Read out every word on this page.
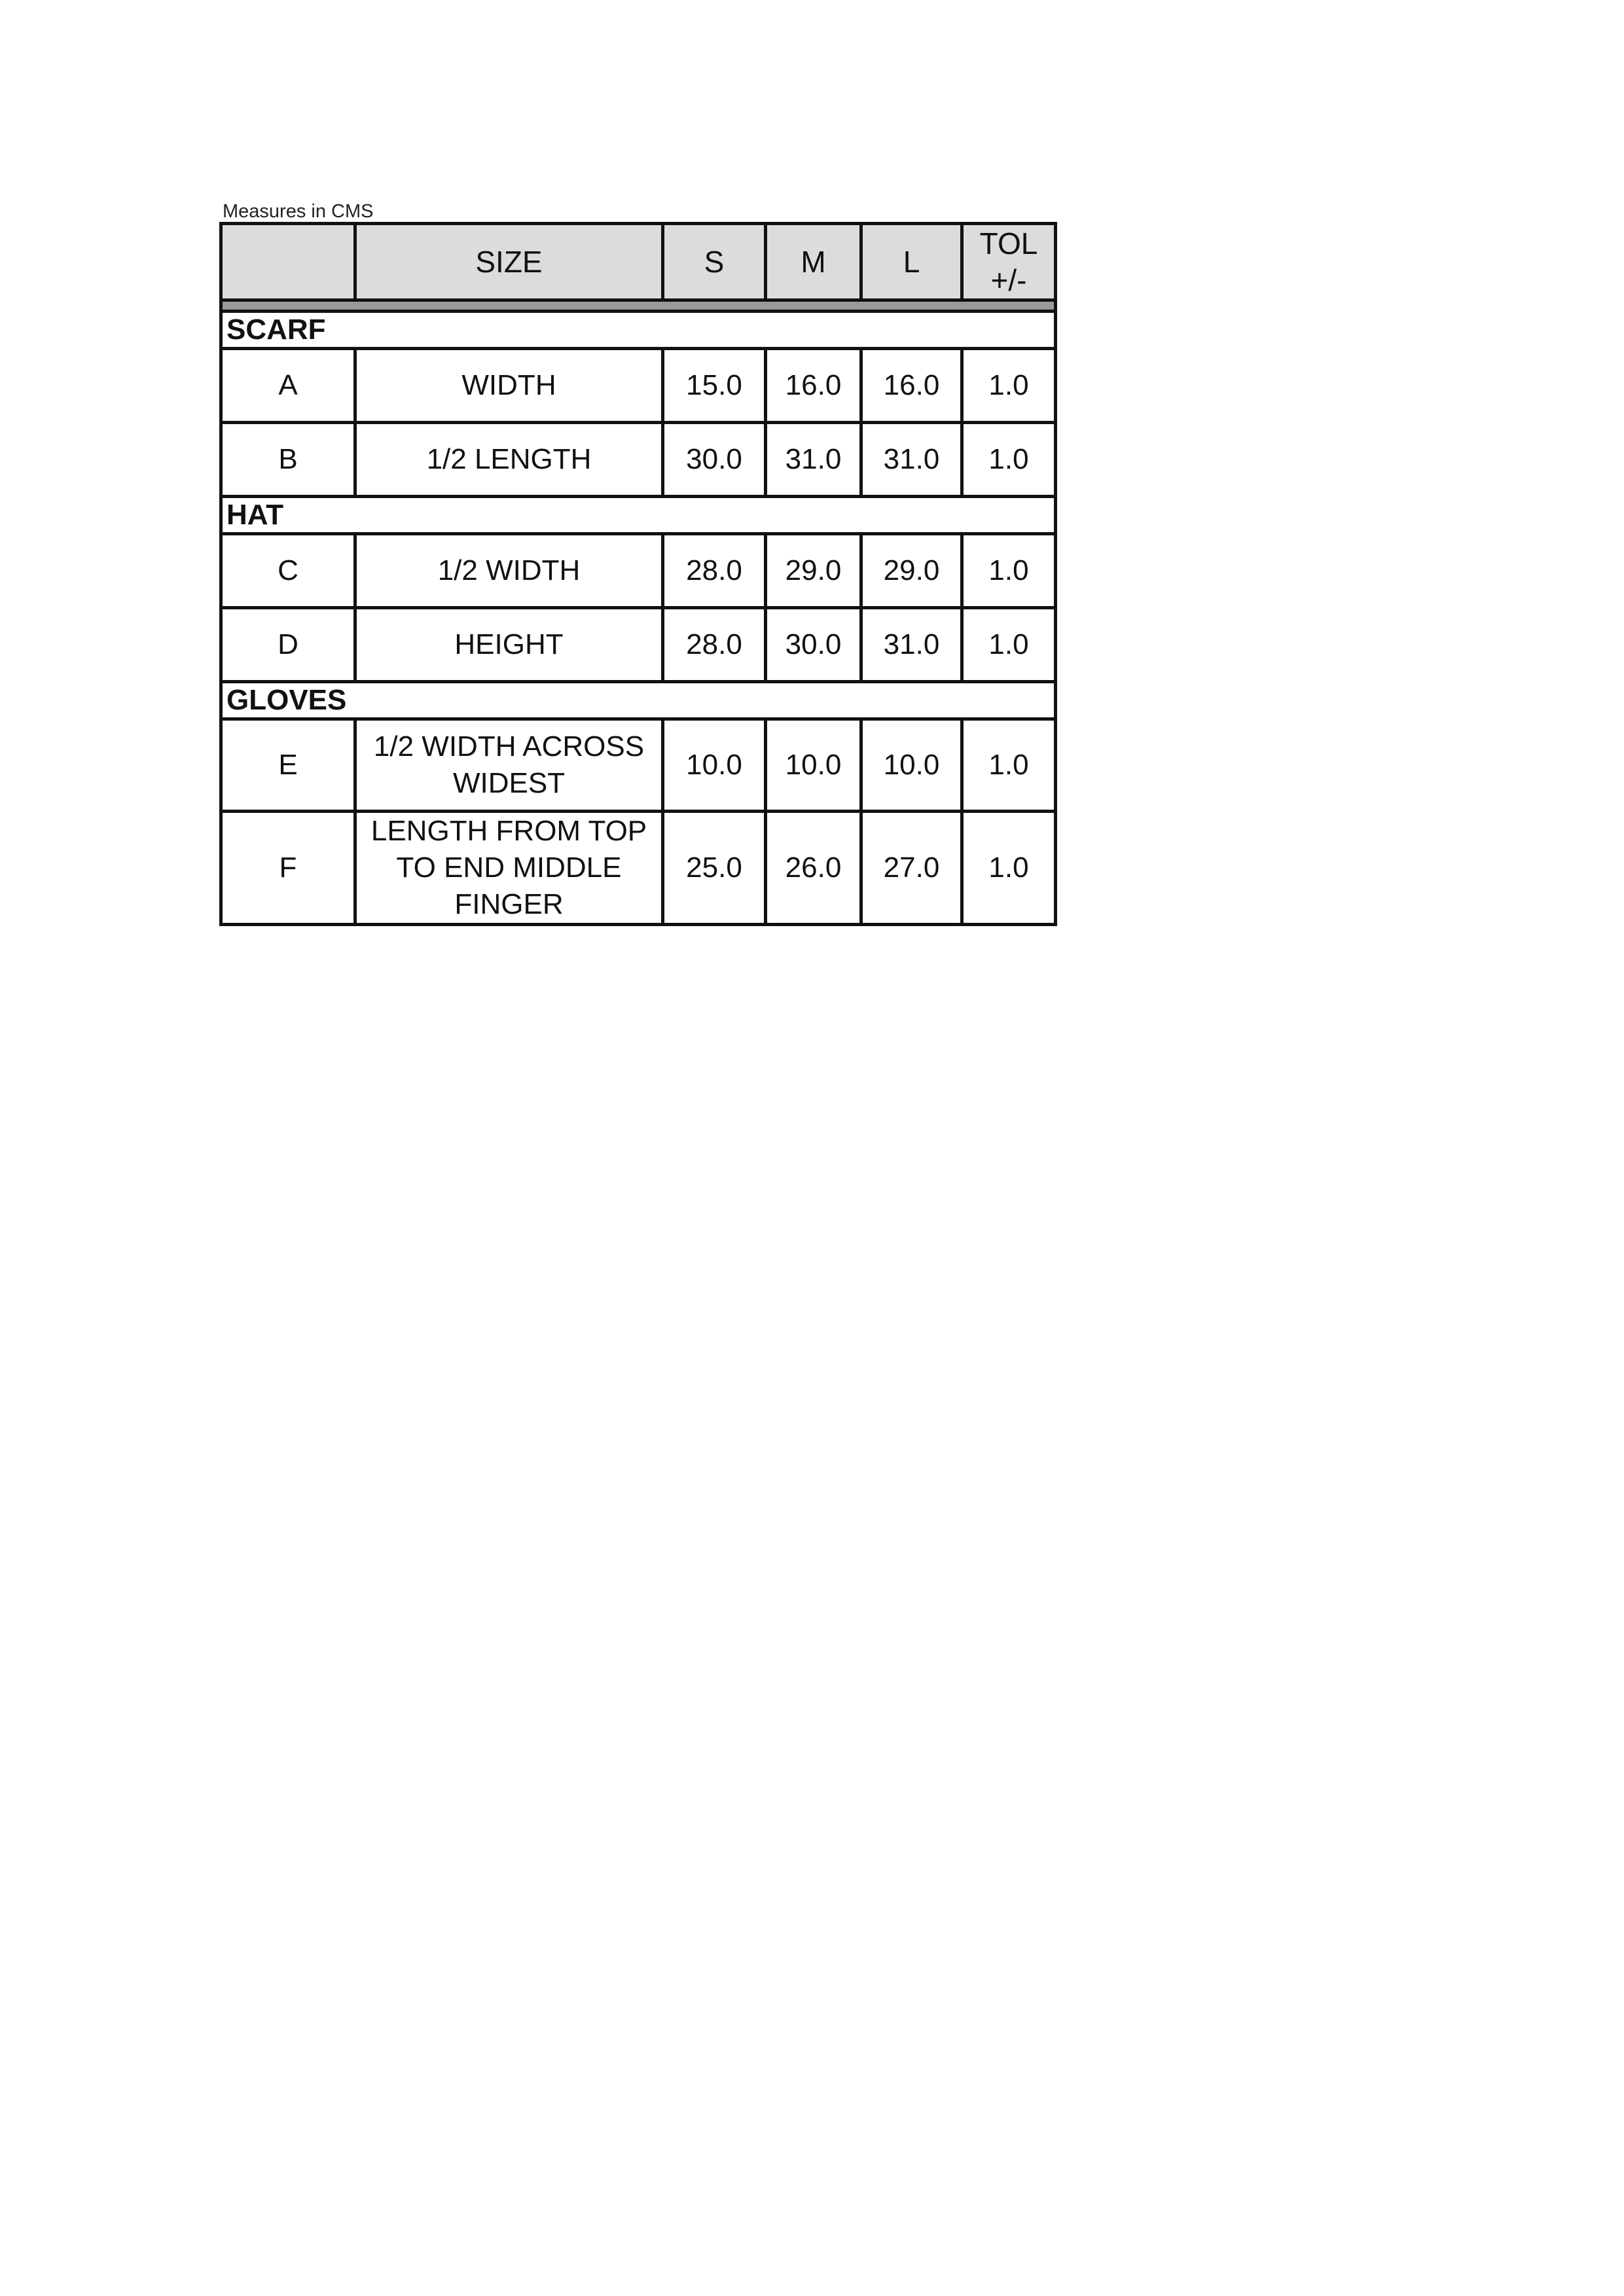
Measures in CMS
	SIZE	S	M	L	TOL
+/-

SCARF					
A	WIDTH	15.0	16.0	16.0	1.0
B	1/2 LENGTH	30.0	31.0	31.0	1.0
HAT					
C	1/2 WIDTH	28.0	29.0	29.0	1.0
D	HEIGHT	28.0	30.0	31.0	1.0
GLOVES					
E	1/2 WIDTH ACROSS
WIDEST	10.0	10.0	10.0	1.0
F	LENGTH FROM TOP
TO END MIDDLE
FINGER	25.0	26.0	27.0	1.0
